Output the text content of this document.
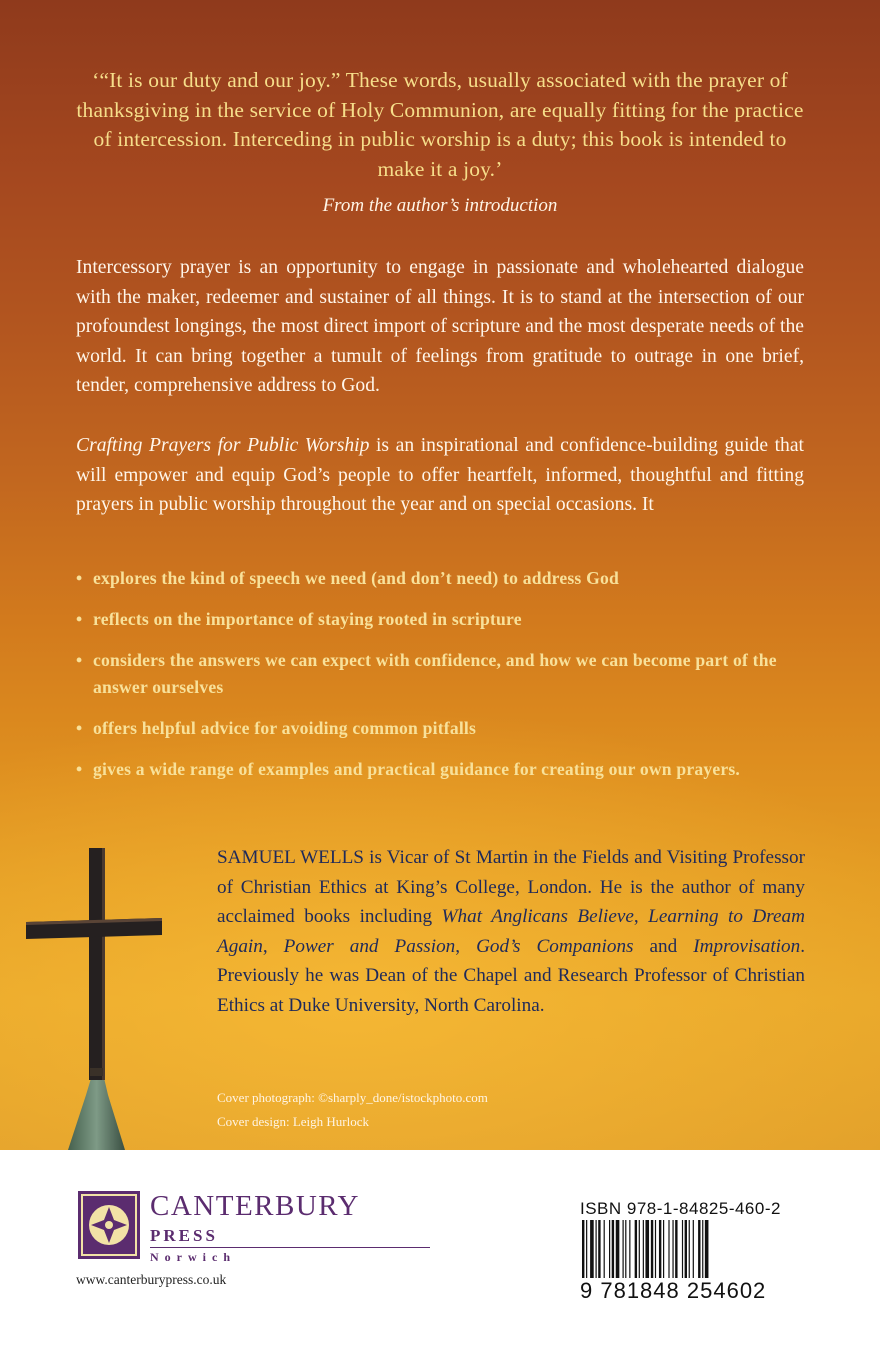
‘“It is our duty and our joy.” These words, usually associated with the prayer of thanksgiving in the service of Holy Communion, are equally fitting for the practice of intercession. Interceding in public worship is a duty; this book is intended to make it a joy.’

From the author’s introduction

Intercessory prayer is an opportunity to engage in passionate and wholehearted dialogue with the maker, redeemer and sustainer of all things. It is to stand at the intersection of our profoundest longings, the most direct import of scripture and the most desperate needs of the world. It can bring together a tumult of feelings from gratitude to outrage in one brief, tender, comprehensive address to God.

Crafting Prayers for Public Worship is an inspirational and confidence-building guide that will empower and equip God’s people to offer heartfelt, informed, thoughtful and fitting prayers in public worship throughout the year and on special occasions. It

• explores the kind of speech we need (and don’t need) to address God
• reflects on the importance of staying rooted in scripture
• considers the answers we can expect with confidence, and how we can become part of the answer ourselves
• offers helpful advice for avoiding common pitfalls
• gives a wide range of examples and practical guidance for creating our own prayers.

SAMUEL WELLS is Vicar of St Martin in the Fields and Visiting Professor of Christian Ethics at King’s College, London. He is the author of many acclaimed books including What Anglicans Believe, Learning to Dream Again, Power and Passion, God’s Companions and Improvisation. Previously he was Dean of the Chapel and Research Professor of Christian Ethics at Duke University, North Carolina.

Cover photograph: ©sharply_done/istockphoto.com
Cover design: Leigh Hurlock
CANTERBURY
PRESS
Norwich
www.canterburypress.co.uk
ISBN 978-1-84825-460-2
9 781848 254602
